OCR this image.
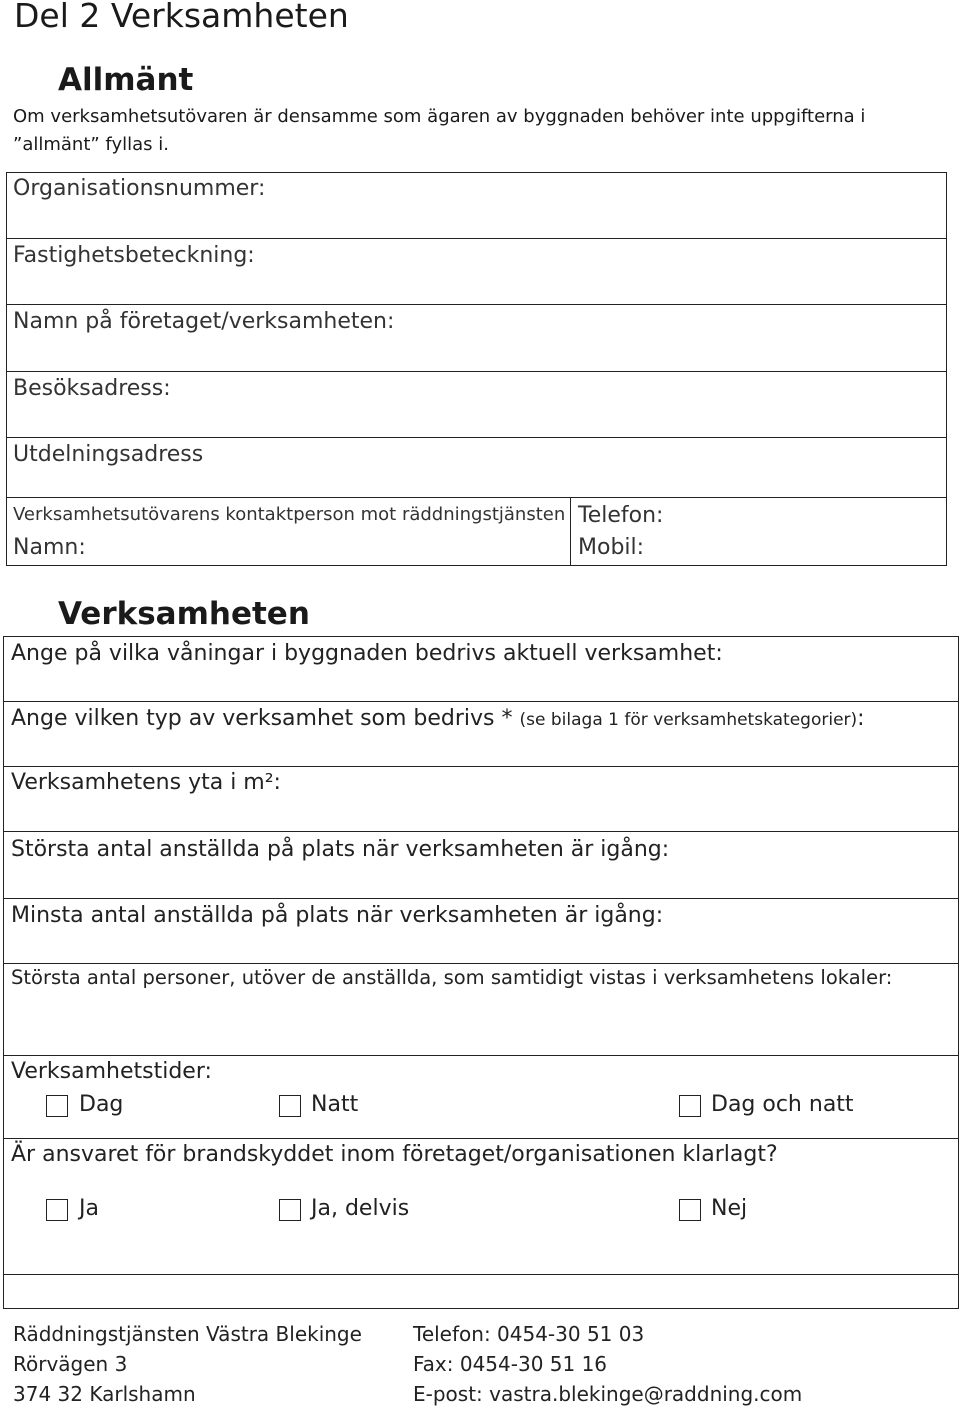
Del 2 Verksamheten
Allmänt
Om verksamhetsutövaren är densamme som ägaren av byggnaden behöver inte uppgifterna i ”allmänt” fyllas i.
Organisationsnummer:
Fastighetsbeteckning:
Namn på företaget/verksamheten:
Besöksadress:
Utdelningsadress
Verksamhetsutövarens kontaktperson mot räddningstjänsten
Namn:
Telefon:
Mobil:
Verksamheten
Ange på vilka våningar i byggnaden bedrivs aktuell verksamhet:
Ange vilken typ av verksamhet som bedrivs * (se bilaga 1 för verksamhetskategorier):
Verksamhetens yta i m²:
Största antal anställda på plats när verksamheten är igång:
Minsta antal anställda på plats när verksamheten är igång:
Största antal personer, utöver de anställda, som samtidigt vistas i verksamhetens lokaler:
Verksamhetstider:
Dag	Natt	Dag och natt
Är ansvaret för brandskyddet inom företaget/organisationen klarlagt?
Ja	Ja, delvis	Nej
Räddningstjänsten Västra Blekinge
Rörvägen 3
374 32 Karlshamn
Telefon: 0454-30 51 03
Fax: 0454-30 51 16
E-post: vastra.blekinge@raddning.com
